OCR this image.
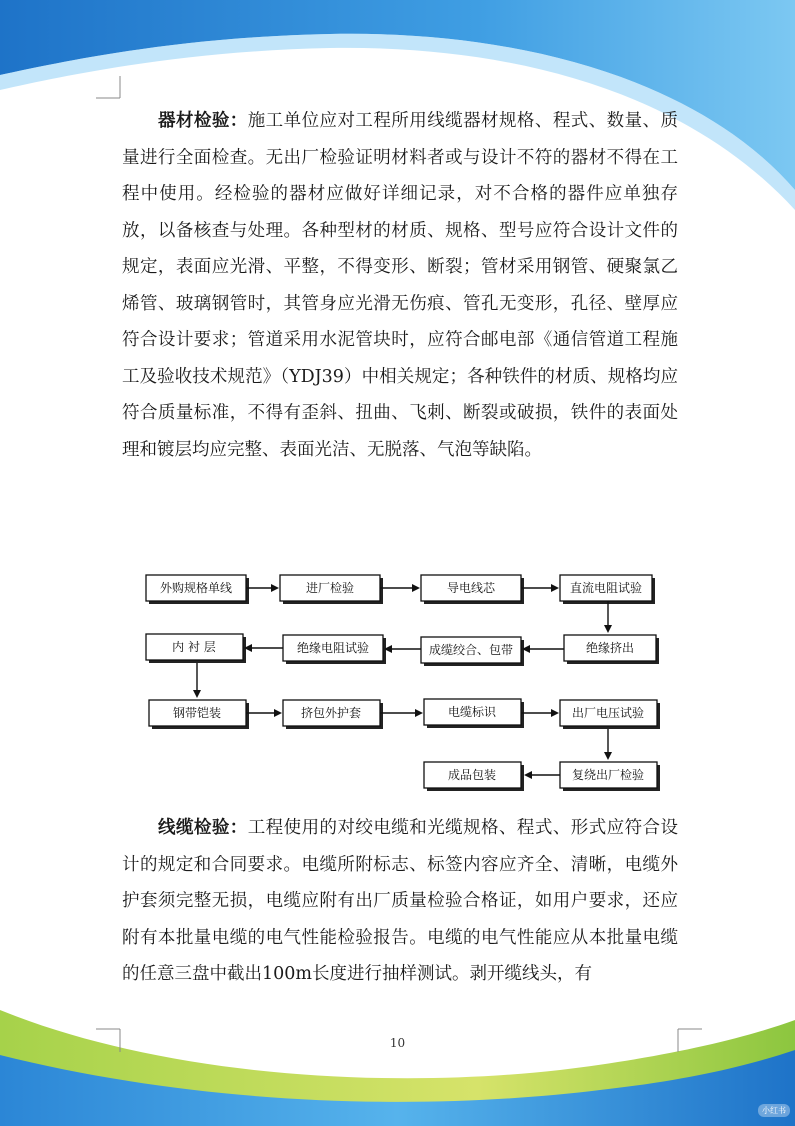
器材检验：施工单位应对工程所用线缆器材规格、程式、数量、质量进行全面检查。无出厂检验证明材料者或与设计不符的器材不得在工程中使用。经检验的器材应做好详细记录，对不合格的器件应单独存放，以备核查与处理。各种型材的材质、规格、型号应符合设计文件的规定，表面应光滑、平整，不得变形、断裂；管材采用钢管、硬聚氯乙烯管、玻璃钢管时，其管身应光滑无伤痕、管孔无变形，孔径、壁厚应符合设计要求；管道采用水泥管块时，应符合邮电部《通信管道工程施工及验收技术规范》（YDJ39）中相关规定；各种铁件的材质、规格均应符合质量标准，不得有歪斜、扭曲、飞刺、断裂或破损，铁件的表面处理和镀层均应完整、表面光洁、无脱落、气泡等缺陷。

外购规格单线	进厂检验	导电线芯	直流电阻试验
绝缘挤出
成缆绞合、包带
绝缘电阻试验
内 衬 层
钢带铠装	挤包外护套	电缆标识	出厂电压试验
复绕出厂检验
成品包装

线缆检验：工程使用的对绞电缆和光缆规格、程式、形式应符合设计的规定和合同要求。电缆所附标志、标签内容应齐全、清晰，电缆外护套须完整无损，电缆应附有出厂质量检验合格证，如用户要求，还应附有本批量电缆的电气性能检验报告。电缆的电气性能应从本批量电缆的任意三盘中截出100m长度进行抽样测试。剥开缆线头，有

10
小红书
